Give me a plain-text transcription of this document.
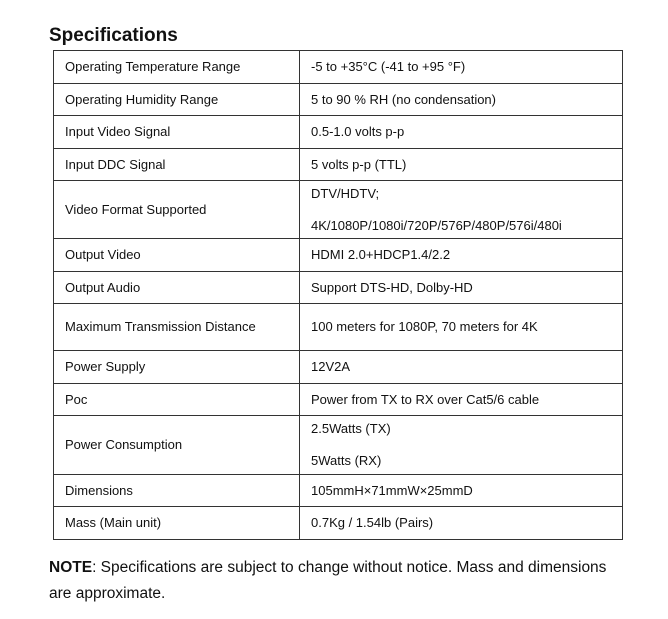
Specifications
Operating Temperature Range	-5 to +35°C (-41 to +95 °F)
Operating Humidity Range	5 to 90 % RH (no condensation)
Input Video Signal	0.5-1.0 volts p-p
Input DDC Signal	5 volts p-p (TTL)
Video Format Supported	DTV/HDTV;
4K/1080P/1080i/720P/576P/480P/576i/480i

Output Video	HDMI 2.0+HDCP1.4/2.2
Output Audio	Support DTS-HD, Dolby-HD
Maximum Transmission Distance	100 meters for 1080P, 70 meters for 4K
Power Supply	12V2A
Poc	Power from TX to RX over Cat5/6 cable
Power Consumption	2.5Watts (TX)
5Watts (RX)

Dimensions	105mmH×71mmW×25mmD
Mass (Main unit)	0.7Kg / 1.54lb (Pairs)

NOTE: Specifications are subject to change without notice. Mass and dimensions are approximate.
